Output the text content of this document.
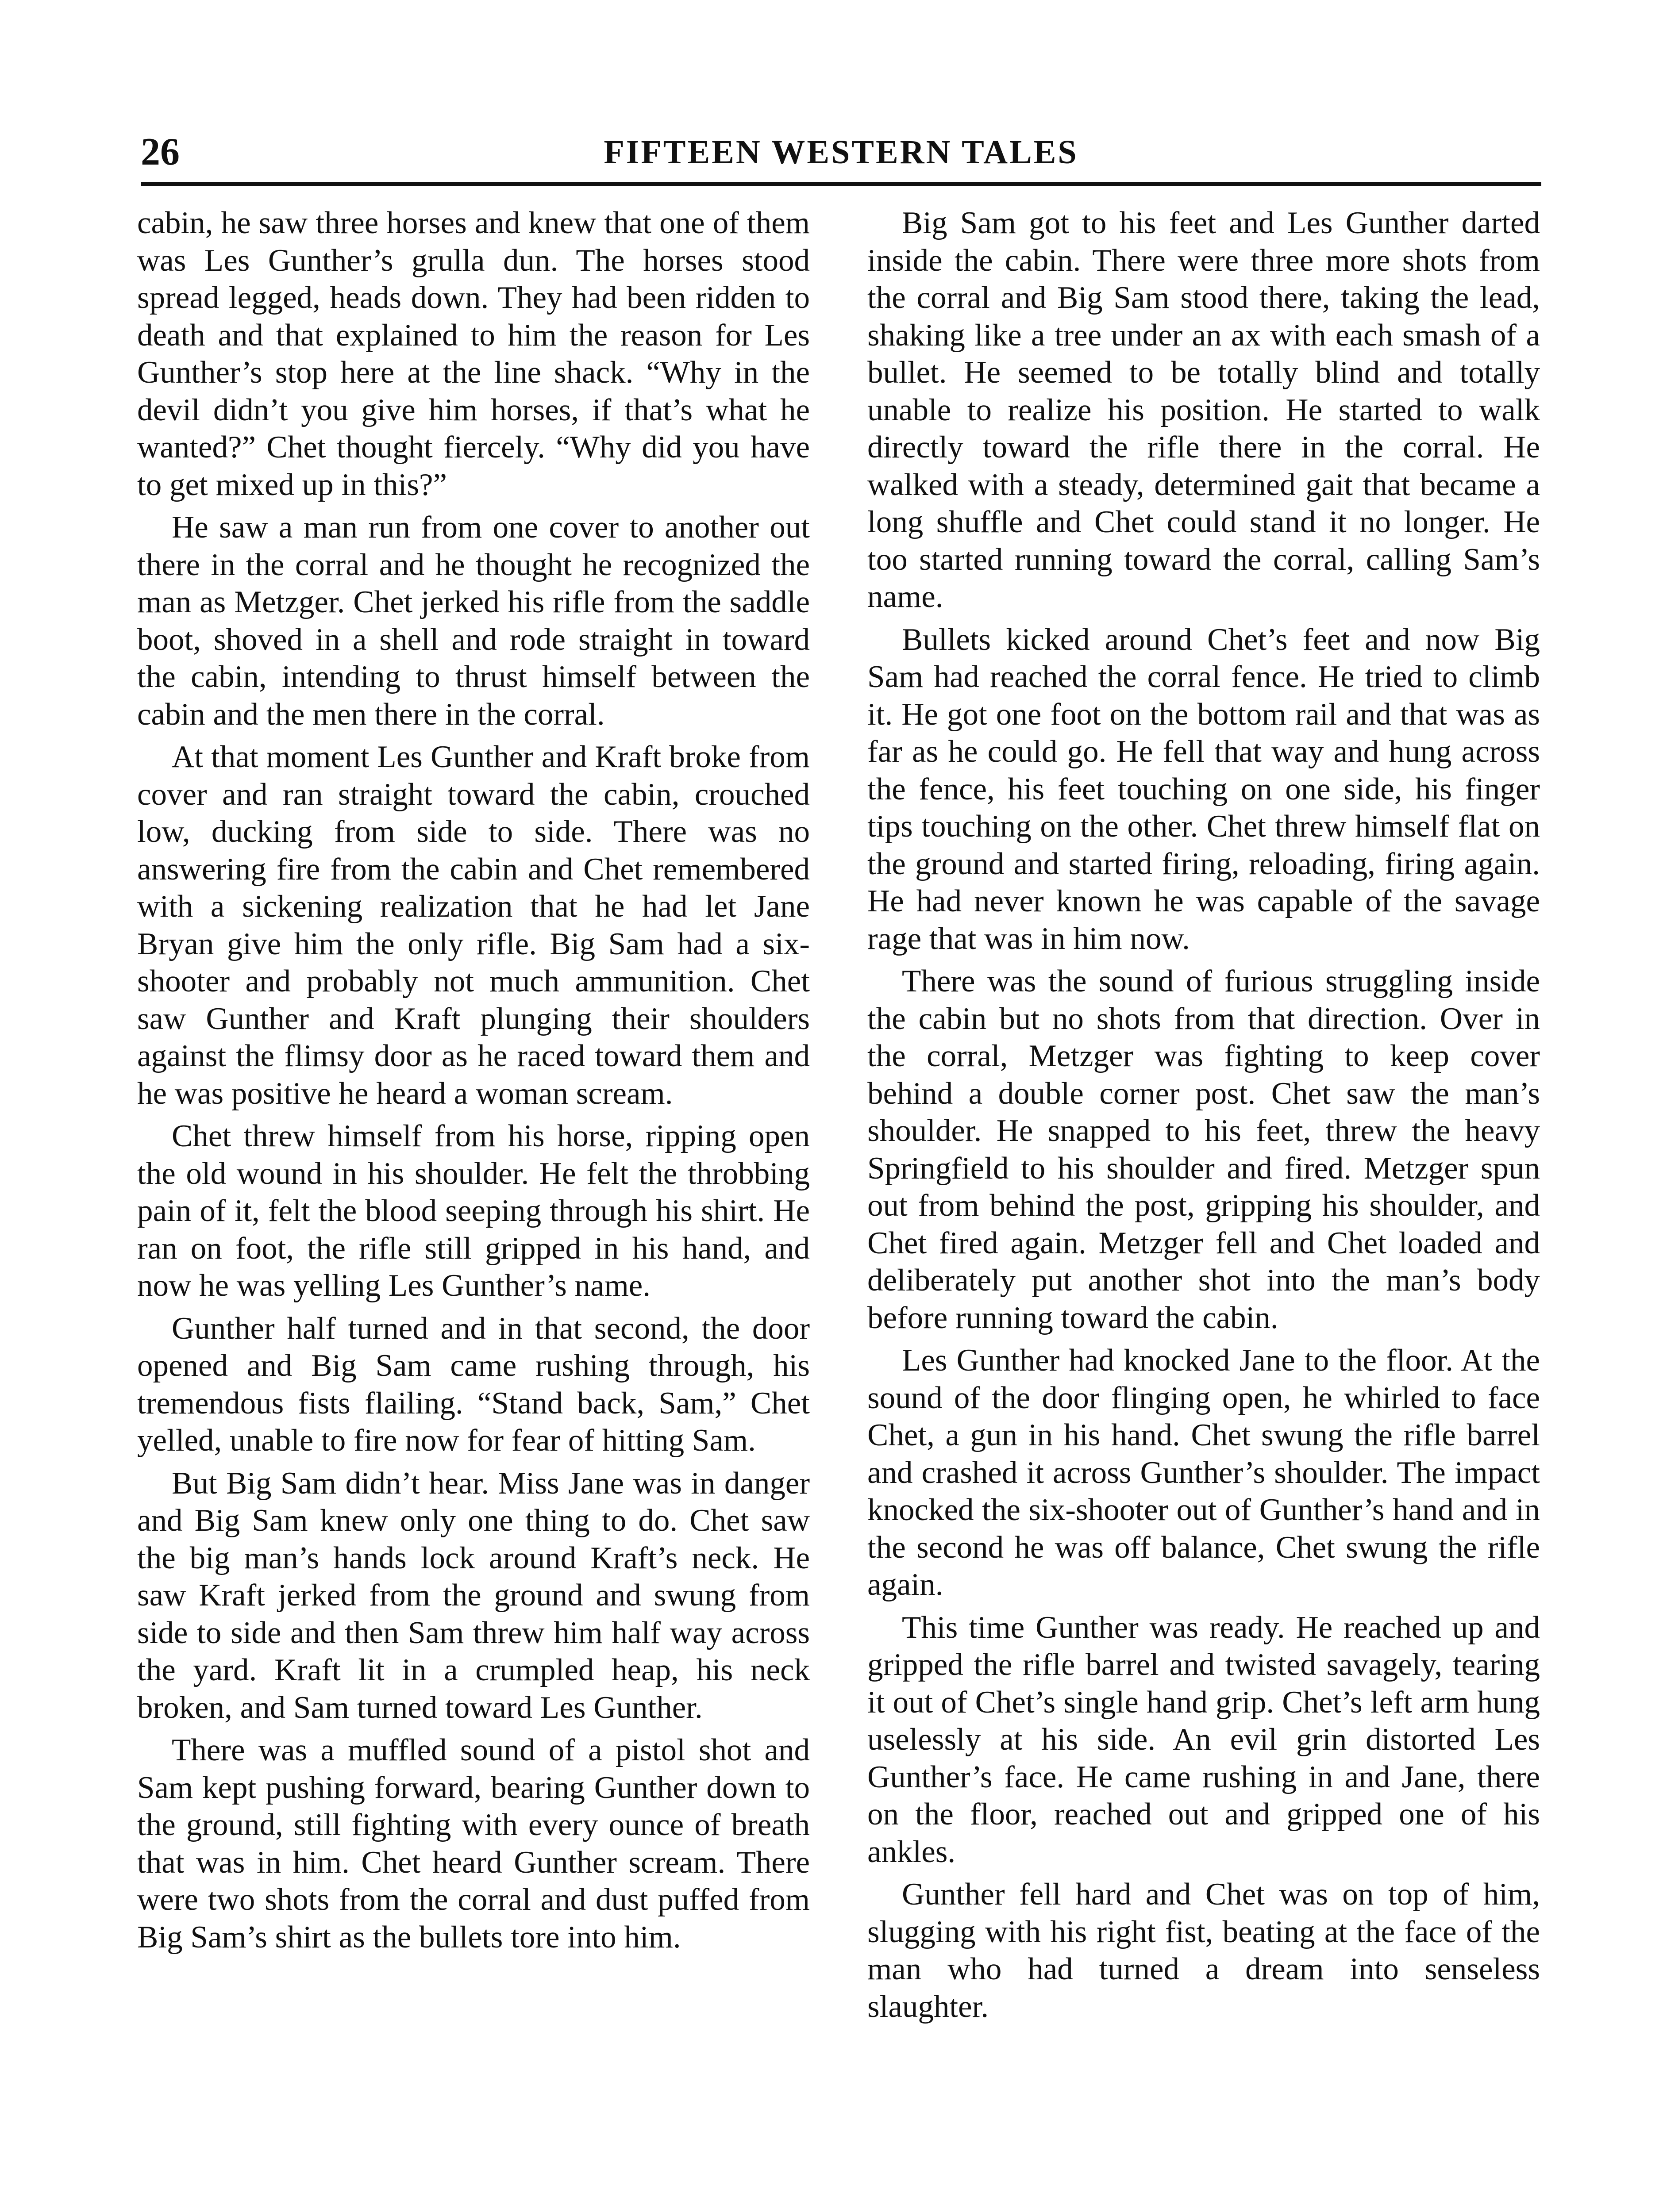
26	FIFTEEN WESTERN TALES

cabin, he saw three horses and knew that one of them was Les Gunther’s grulla dun. The horses stood spread legged, heads down. They had been ridden to death and that explained to him the reason for Les Gunther’s stop here at the line shack. “Why in the devil didn’t you give him horses, if that’s what he wanted?” Chet thought fiercely. “Why did you have to get mixed up in this?”

He saw a man run from one cover to another out there in the corral and he thought he recognized the man as Metzger. Chet jerked his rifle from the saddle boot, shoved in a shell and rode straight in toward the cabin, intending to thrust himself between the cabin and the men there in the corral.

At that moment Les Gunther and Kraft broke from cover and ran straight toward the cabin, crouched low, ducking from side to side. There was no answering fire from the cabin and Chet remembered with a sickening realization that he had let Jane Bryan give him the only rifle. Big Sam had a six-shooter and probably not much ammunition. Chet saw Gunther and Kraft plunging their shoulders against the flimsy door as he raced toward them and he was positive he heard a woman scream.

Chet threw himself from his horse, ripping open the old wound in his shoulder. He felt the throbbing pain of it, felt the blood seeping through his shirt. He ran on foot, the rifle still gripped in his hand, and now he was yelling Les Gunther’s name.

Gunther half turned and in that second, the door opened and Big Sam came rushing through, his tremendous fists flailing. “Stand back, Sam,” Chet yelled, unable to fire now for fear of hitting Sam.

But Big Sam didn’t hear. Miss Jane was in danger and Big Sam knew only one thing to do. Chet saw the big man’s hands lock around Kraft’s neck. He saw Kraft jerked from the ground and swung from side to side and then Sam threw him half way across the yard. Kraft lit in a crumpled heap, his neck broken, and Sam turned toward Les Gunther.

There was a muffled sound of a pistol shot and Sam kept pushing forward, bearing Gunther down to the ground, still fighting with every ounce of breath that was in him. Chet heard Gunther scream. There were two shots from the corral and dust puffed from Big Sam’s shirt as the bullets tore into him.

Big Sam got to his feet and Les Gunther darted inside the cabin. There were three more shots from the corral and Big Sam stood there, taking the lead, shaking like a tree under an ax with each smash of a bullet. He seemed to be totally blind and totally unable to realize his position. He started to walk directly toward the rifle there in the corral. He walked with a steady, determined gait that became a long shuffle and Chet could stand it no longer. He too started running toward the corral, calling Sam’s name.

Bullets kicked around Chet’s feet and now Big Sam had reached the corral fence. He tried to climb it. He got one foot on the bottom rail and that was as far as he could go. He fell that way and hung across the fence, his feet touching on one side, his finger tips touching on the other. Chet threw himself flat on the ground and started firing, reloading, firing again. He had never known he was capable of the savage rage that was in him now.

There was the sound of furious struggling inside the cabin but no shots from that direction. Over in the corral, Metzger was fighting to keep cover behind a double corner post. Chet saw the man’s shoulder. He snapped to his feet, threw the heavy Springfield to his shoulder and fired. Metzger spun out from behind the post, gripping his shoulder, and Chet fired again. Metzger fell and Chet loaded and deliberately put another shot into the man’s body before running toward the cabin.

Les Gunther had knocked Jane to the floor. At the sound of the door flinging open, he whirled to face Chet, a gun in his hand. Chet swung the rifle barrel and crashed it across Gunther’s shoulder. The impact knocked the six-shooter out of Gunther’s hand and in the second he was off balance, Chet swung the rifle again.

This time Gunther was ready. He reached up and gripped the rifle barrel and twisted savagely, tearing it out of Chet’s single hand grip. Chet’s left arm hung uselessly at his side. An evil grin distorted Les Gunther’s face. He came rushing in and Jane, there on the floor, reached out and gripped one of his ankles.

Gunther fell hard and Chet was on top of him, slugging with his right fist, beating at the face of the man who had turned a dream into senseless slaughter.
